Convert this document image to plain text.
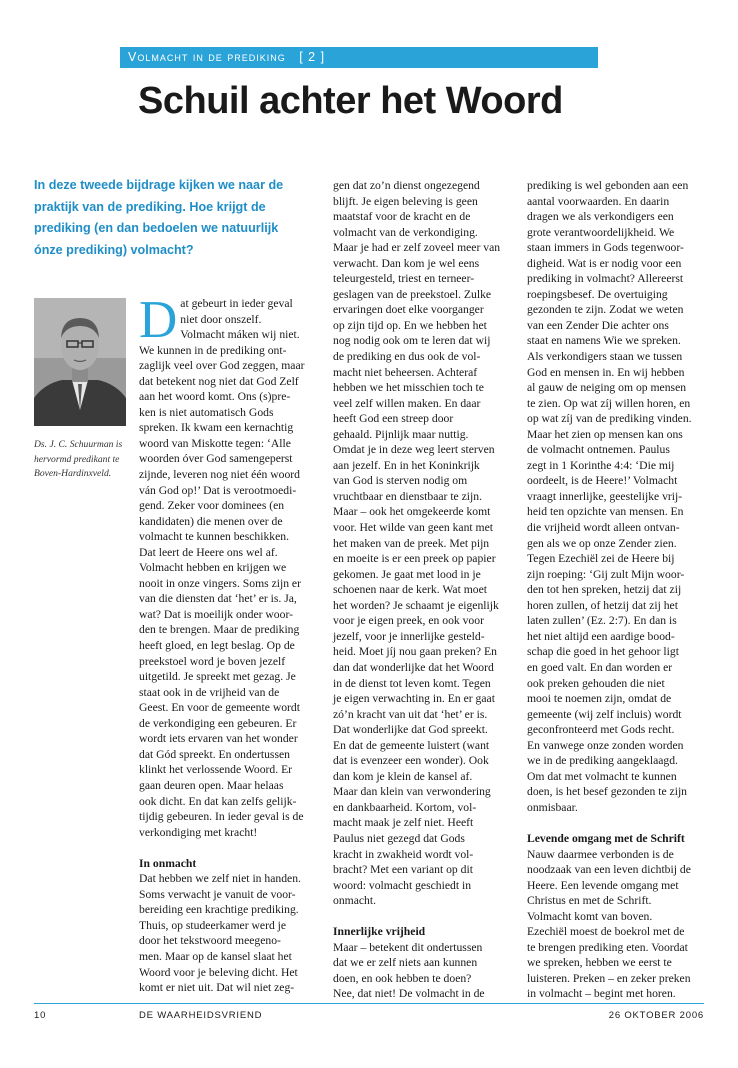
Volmacht in de prediking [ 2 ]
Schuil achter het Woord

In deze tweede bijdrage kijken we naar de praktijk van de prediking. Hoe krijgt de prediking (en dan bedoelen we natuurlijk ónze prediking) volmacht?

Ds. J. C. Schuurman is hervormd predikant te Boven-Hardinxveld.

D at gebeurt in ieder geval
niet door onszelf.
Volmacht máken wij niet.
We kunnen in de prediking ont-
zaglijk veel over God zeggen, maar
dat betekent nog niet dat God Zelf
aan het woord komt. Ons (s)pre-
ken is niet automatisch Gods
spreken. Ik kwam een kernachtig
woord van Miskotte tegen: ‘Alle
woorden óver God samengeperst
zijnde, leveren nog niet één woord
ván God op!’ Dat is verootmoedi-
gend. Zeker voor dominees (en
kandidaten) die menen over de
volmacht te kunnen beschikken.
Dat leert de Heere ons wel af.
Volmacht hebben en krijgen we
nooit in onze vingers. Soms zijn er
van die diensten dat ‘het’ er is. Ja,
wat? Dat is moeilijk onder woor-
den te brengen. Maar de prediking
heeft gloed, en legt beslag. Op de
preekstoel word je boven jezelf
uitgetild. Je spreekt met gezag. Je
staat ook in de vrijheid van de
Geest. En voor de gemeente wordt
de verkondiging een gebeuren. Er
wordt iets ervaren van het wonder
dat Gód spreekt. En ondertussen
klinkt het verlossende Woord. Er
gaan deuren open. Maar helaas
ook dicht. En dat kan zelfs gelijk-
tijdig gebeuren. In ieder geval is de
verkondiging met kracht!
In onmacht
Dat hebben we zelf niet in handen.
Soms verwacht je vanuit de voor-
bereiding een krachtige prediking.
Thuis, op studeerkamer werd je
door het tekstwoord meegeno-
men. Maar op de kansel slaat het
Woord voor je beleving dicht. Het
komt er niet uit. Dat wil niet zeg-
gen dat zo’n dienst ongezegend
blijft. Je eigen beleving is geen
maatstaf voor de kracht en de
volmacht van de verkondiging.
Maar je had er zelf zoveel meer van
verwacht. Dan kom je wel eens
teleurgesteld, triest en terneer-
geslagen van de preekstoel. Zulke
ervaringen doet elke voorganger
op zijn tijd op. En we hebben het
nog nodig ook om te leren dat wij
de prediking en dus ook de vol-
macht niet beheersen. Achteraf
hebben we het misschien toch te
veel zelf willen maken. En daar
heeft God een streep door
gehaald. Pijnlijk maar nuttig.
Omdat je in deze weg leert sterven
aan jezelf. En in het Koninkrijk
van God is sterven nodig om
vruchtbaar en dienstbaar te zijn.
Maar – ook het omgekeerde komt
voor. Het wilde van geen kant met
het maken van de preek. Met pijn
en moeite is er een preek op papier
gekomen. Je gaat met lood in je
schoenen naar de kerk. Wat moet
het worden? Je schaamt je eigenlijk
voor je eigen preek, en ook voor
jezelf, voor je innerlijke gesteld-
heid. Moet jíj nou gaan preken? En
dan dat wonderlijke dat het Woord
in de dienst tot leven komt. Tegen
je eigen verwachting in. En er gaat
zó’n kracht van uit dat ‘het’ er is.
Dat wonderlijke dat God spreekt.
En dat de gemeente luistert (want
dat is evenzeer een wonder). Ook
dan kom je klein de kansel af.
Maar dan klein van verwondering
en dankbaarheid. Kortom, vol-
macht maak je zelf niet. Heeft
Paulus niet gezegd dat Gods
kracht in zwakheid wordt vol-
bracht? Met een variant op dit
woord: volmacht geschiedt in
onmacht.
Innerlijke vrijheid
Maar – betekent dit ondertussen
dat we er zelf niets aan kunnen
doen, en ook hebben te doen?
Nee, dat niet! De volmacht in de
prediking is wel gebonden aan een
aantal voorwaarden. En daarin
dragen we als verkondigers een
grote verantwoordelijkheid. We
staan immers in Gods tegenwoor-
digheid. Wat is er nodig voor een
prediking in volmacht? Allereerst
roepingsbesef. De overtuiging
gezonden te zijn. Zodat we weten
van een Zender Die achter ons
staat en namens Wie we spreken.
Als verkondigers staan we tussen
God en mensen in. En wij hebben
al gauw de neiging om op mensen
te zien. Op wat zíj willen horen, en
op wat zíj van de prediking vinden.
Maar het zien op mensen kan ons
de volmacht ontnemen. Paulus
zegt in 1 Korinthe 4:4: ‘Die mij
oordeelt, is de Heere!’ Volmacht
vraagt innerlijke, geestelijke vrij-
heid ten opzichte van mensen. En
die vrijheid wordt alleen ontvan-
gen als we op onze Zender zien.
Tegen Ezechiël zei de Heere bij
zijn roeping: ‘Gij zult Mijn woor-
den tot hen spreken, hetzij dat zij
horen zullen, of hetzij dat zij het
laten zullen’ (Ez. 2:7). En dan is
het niet altijd een aardige bood-
schap die goed in het gehoor ligt
en goed valt. En dan worden er
ook preken gehouden die niet
mooi te noemen zijn, omdat de
gemeente (wij zelf incluis) wordt
geconfronteerd met Gods recht.
En vanwege onze zonden worden
we in de prediking aangeklaagd.
Om dat met volmacht te kunnen
doen, is het besef gezonden te zijn
onmisbaar.
Levende omgang met de Schrift
Nauw daarmee verbonden is de
noodzaak van een leven dichtbij de
Heere. Een levende omgang met
Christus en met de Schrift.
Volmacht komt van boven.
Ezechiël moest de boekrol met de
te brengen prediking eten. Voordat
we spreken, hebben we eerst te
luisteren. Preken – en zeker preken
in volmacht – begint met horen.
10	DE WAARHEIDSVRIEND	26 OKTOBER 2006
